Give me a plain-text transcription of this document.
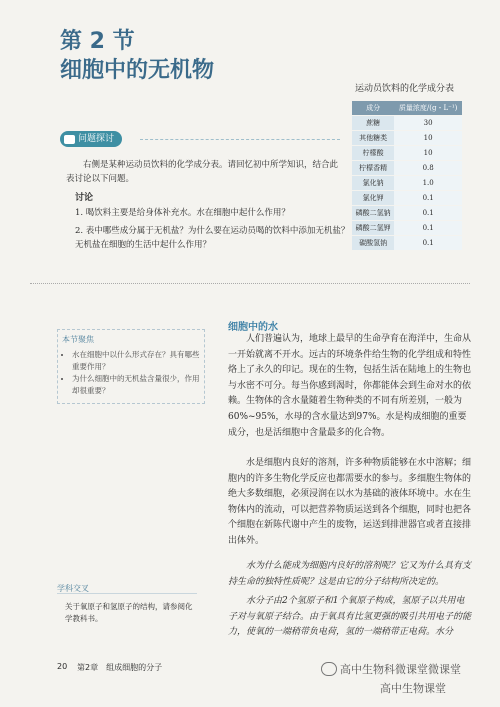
第 2 节
细胞中的无机物
运动员饮料的化学成分表
成分	质量浓度/(g・L⁻¹)
蔗糖	30
其他糖类	10
柠檬酸	10
柠檬香精	0.8
氯化钠	1.0
氯化钾	0.1
磷酸二氢钠	0.1
磷酸二氢钾	0.1
碳酸氢钠	0.1
问题探讨
右侧是某种运动员饮料的化学成分表。请回忆初中所学知识，结合此表讨论以下问题。
讨论
1. 喝饮料主要是给身体补充水。水在细胞中起什么作用？
2. 表中哪些成分属于无机盐？为什么要在运动员喝的饮料中添加无机盐？无机盐在细胞的生活中起什么作用？
本节聚焦
• 水在细胞中以什么形式存在？具有哪些重要作用？
• 为什么细胞中的无机盐含量很少，作用却很重要？
细胞中的水

人们普遍认为，地球上最早的生命孕育在海洋中，生命从一开始就离不开水。远古的环境条件给生物的化学组成和特性烙上了永久的印记。现在的生物，包括生活在陆地上的生物也与水密不可分。每当你感到渴时，你都能体会到生命对水的依赖。生物体的含水量随着生物种类的不同有所差别，一般为60%~95%，水母的含水量达到97%。水是构成细胞的重要成分，也是活细胞中含量最多的化合物。

水是细胞内良好的溶剂，许多种物质能够在水中溶解；细胞内的许多生物化学反应也都需要水的参与。多细胞生物体的绝大多数细胞，必须浸润在以水为基础的液体环境中。水在生物体内的流动，可以把营养物质运送到各个细胞，同时也把各个细胞在新陈代谢中产生的废物，运送到排泄器官或者直接排出体外。

水为什么能成为细胞内良好的溶剂呢？它又为什么具有支持生命的独特性质呢？这是由它的分子结构所决定的。

水分子由2个氢原子和1个氧原子构成，氢原子以共用电子对与氧原子结合。由于氧具有比氢更强的吸引共用电子的能力，使氧的一端稍带负电荷，氢的一端稍带正电荷。水分

学科交叉
关于氧原子和氢原子的结构，请参阅化学教科书。
20 第2章　组成细胞的分子	高中生物科微课堂微课堂
高中生物课堂
